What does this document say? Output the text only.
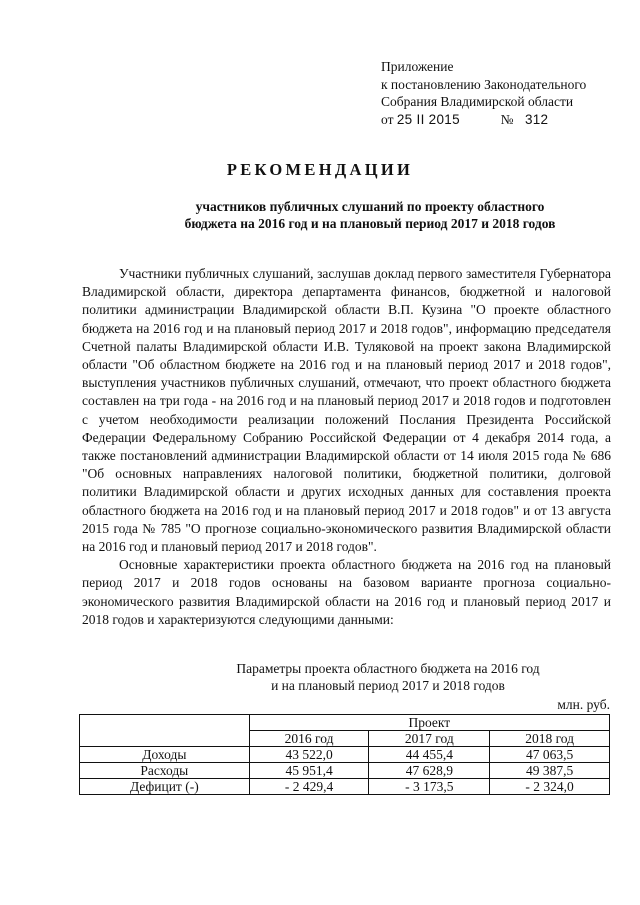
Приложение
к постановлению Законодательного
Собрания Владимирской области
от 25 II 2015	№ 312
РЕКОМЕНДАЦИИ
участников публичных слушаний по проекту областного
бюджета на 2016 год и на плановый период 2017 и 2018 годов

Участники публичных слушаний, заслушав доклад первого заместителя Губернатора Владимирской области, директора департамента финансов, бюджетной и налоговой политики администрации Владимирской области В.П. Кузина "О проекте областного бюджета на 2016 год и на плановый период 2017 и 2018 годов", информацию председателя Счетной палаты Владимирской области И.В. Туляковой на проект закона Владимирской области "Об областном бюджете на 2016 год и на плановый период 2017 и 2018 годов", выступления участников публичных слушаний, отмечают, что проект областного бюджета составлен на три года - на 2016 год и на плановый период 2017 и 2018 годов и подготовлен с учетом необходимости реализации положений Послания Президента Российской Федерации Федеральному Собранию Российской Федерации от 4 декабря 2014 года, а также постановлений администрации Владимирской области от 14 июля 2015 года № 686 "Об основных направлениях налоговой политики, бюджетной политики, долговой политики Владимирской области и других исходных данных для составления проекта областного бюджета на 2016 год и на плановый период 2017 и 2018 годов" и от 13 августа 2015 года № 785 "О прогнозе социально-экономического развития Владимирской области на 2016 год и плановый период 2017 и 2018 годов".

Основные характеристики проекта областного бюджета на 2016 год на плановый период 2017 и 2018 годов основаны на базовом варианте прогноза социально-экономического развития Владимирской области на 2016 год и плановый период 2017 и 2018 годов и характеризуются следующими данными:

Параметры проекта областного бюджета на 2016 год
и на плановый период 2017 и 2018 годов
млн. руб.
	Проект		
	2016 год	2017 год	2018 год
Доходы	43 522,0	44 455,4	47 063,5
Расходы	45 951,4	47 628,9	49 387,5
Дефицит (-)	- 2 429,4	- 3 173,5	- 2 324,0
